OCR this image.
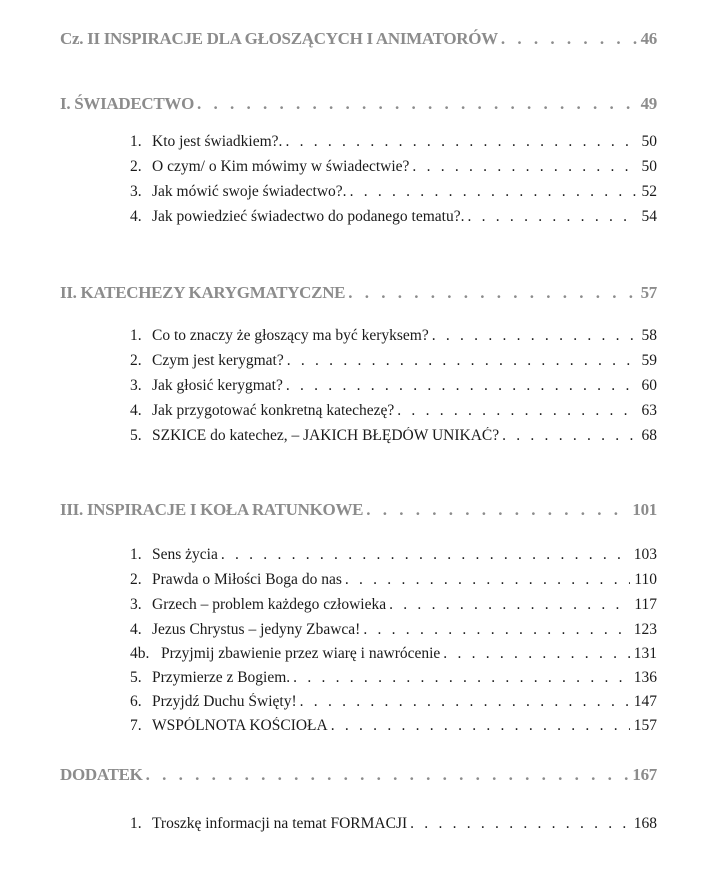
Cz. II INSPIRACJE DLA GŁOSZĄCYCH I ANIMATORÓW . . .	46
I. ŚWIADECTWO . . .	49
II. KATECHEZY KARYGMATYCZNE . . .	57
III. INSPIRACJE I KOŁA RATUNKOWE . . .	101
DODATEK . . .	167
1. Kto jest świadkiem?. . . .	50
2. O czym/ o Kim mówimy w świadectwie? . . .	50
3. Jak mówić swoje świadectwo?. . . .	52
4. Jak powiedzieć świadectwo do podanego tematu?. . . .	54
1. Co to znaczy że głoszący ma być keryksem? . . .	58
2. Czym jest kerygmat? . . .	59
3. Jak głosić kerygmat? . . .	60
4. Jak przygotować konkretną katechezę? . . .	63
5. SZKICE do katechez, – JAKICH BŁĘDÓW UNIKAĆ? . . .	68
1. Sens życia . . .	103
2. Prawda o Miłości Boga do nas . . .	110
3. Grzech – problem każdego człowieka . . .	117
4. Jezus Chrystus – jedyny Zbawca! . . .	123
4b. Przyjmij zbawienie przez wiarę i nawrócenie . . .	131
5. Przymierze z Bogiem. . . .	136
6. Przyjdź Duchu Święty! . . .	147
7. WSPÓLNOTA KOŚCIOŁA . . .	157
1. Troszkę informacji na temat FORMACJI . . .	168
